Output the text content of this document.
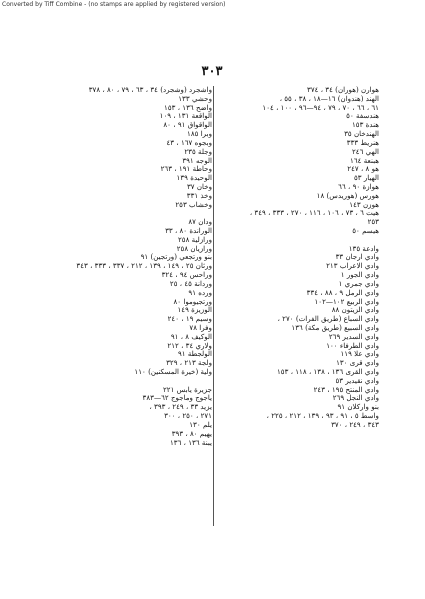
Converted by Tiff Combine - (no stamps are applied by registered version)
٣٠٣
هوارن (هوران) ٣٤ ، ٣٧٤
الهند (هندوان) ١٦—١٨ ، ٣٨ ، ٥٥ ،
٦١ ، ٦٦ ، ٧٠ ، ٧٩ ، ٩٤—٩٦ ، ١٠٠ ، ١٠٤
هندسفة ٥٠
هندة ١٥٣
الهندخان ٣٥
هنريط ٣٣٣
الهي ٢٤٦
هبنعة ١٦٤
هو ٨ ، ٢٤٧
الهيار ٥٣
هوازة ٩٠ ، ٦٦
هورس (هوريدس) ١٨
هوزن ١٤٣
هيت ٦ ، ٧٣ ، ١٠٦ ، ١١٦ ، ٢٧٠ ، ٣٣٣ ، ٣٤٩ ،
٢٥٣
هيسم ٥٠
وادعة ١٣٥
وادي ارجان ٣٣
وادي الاعراب ٢١٣
وادي الجور ١
وادي جمري ١
وادي الرمل ٩ ، ٨٨ ، ٣٣٤
وادي الربيع ١٠٢—١٠٢
وادي الزيتون ٨٨
وادي السباع (طريق الفرات) ٢٧٠ ،
وادي السبيع (طريق مكة) ١٣٦
وادي السدير ٢٦٩
وادي الطرفاء ١٠٠
وادي علا ١١٩
وادي قرى ١٣٠
وادي القرى ١٣٦ ، ١٣٨ ، ١١٨ ، ١٥٣
وادي نقيدير ٥٣
وادي المنتح ١٩٥ ، ٢٤٣
وادي النجل ٢٦٩
بنو واركلان ٩١
واسط ٥ ، ٩١ ، ٩٣ ، ١٣٩ ، ٢١٢ ، ٢٢٥ ،
٣٤٣ ، ٢٤٩ ، ٣٧٠
واشجرد (وشجرد) ٣٤ ، ٦٣ ، ٧٩ ، ٨٠ ، ٣٧٨
وحشي ١٣٣
واضح ١٣٦ ، ١٥٣
الواقعة ١٣١ ، ١٠٩
الواقواق ٩١ ، ٨٠
وبرا ١٨٥
وبجوه ١٦٧ ، ٤٣
وجلة ٢٣٥
الوجه ٣٩١
وحاطة ١٩١ ، ٢٦٣
الوحيدة ١٣٩
وخان ٣٧
وخذ ٣٣١
وخشاب ٢٥٣
ودان ٨٧
الوراندة ٨٠ ، ٣٣
ورازلية ٢٥٨
ورازيان ٢٥٨
بنو ورتجعي (ورتجين) ٩١
ورثان ٢٥ ، ١٤٩ ، ١٣٩ ، ٢١٢ ، ٣٣٧ ، ٣٣٣ ، ٣٤٣
وراحس ٩٤ ، ٣٢٤
وردانة ٤٥ ، ٢٥
ورده ٩١
ورتجيوموا ٨٠
الوزيزة ١٤٩
وسيم ١٩ ، ٢٤٠
وفرا ٧٨
الوكيف ٨ ، ٩١
ولاري ٣٤ ، ٢١٢
الولجطة ٩١
ولجة ٢١٣ ، ٣٢٩
ولية (خيرة المسكنين) ١١٠
جزيرة يابس ٢٢١
ياجوج وماجوج ٦٢—٣٨٣
يزيد ٣٣ ، ٢٤٩ ، ٣٩٣ ،
٢٧١ ، ٢٥٠ ، ٣٠٠
يلم ١٣٠
يهيم ٨٠ ، ٣٩٣
يبنة ١٣٦ ، ١٣٦
